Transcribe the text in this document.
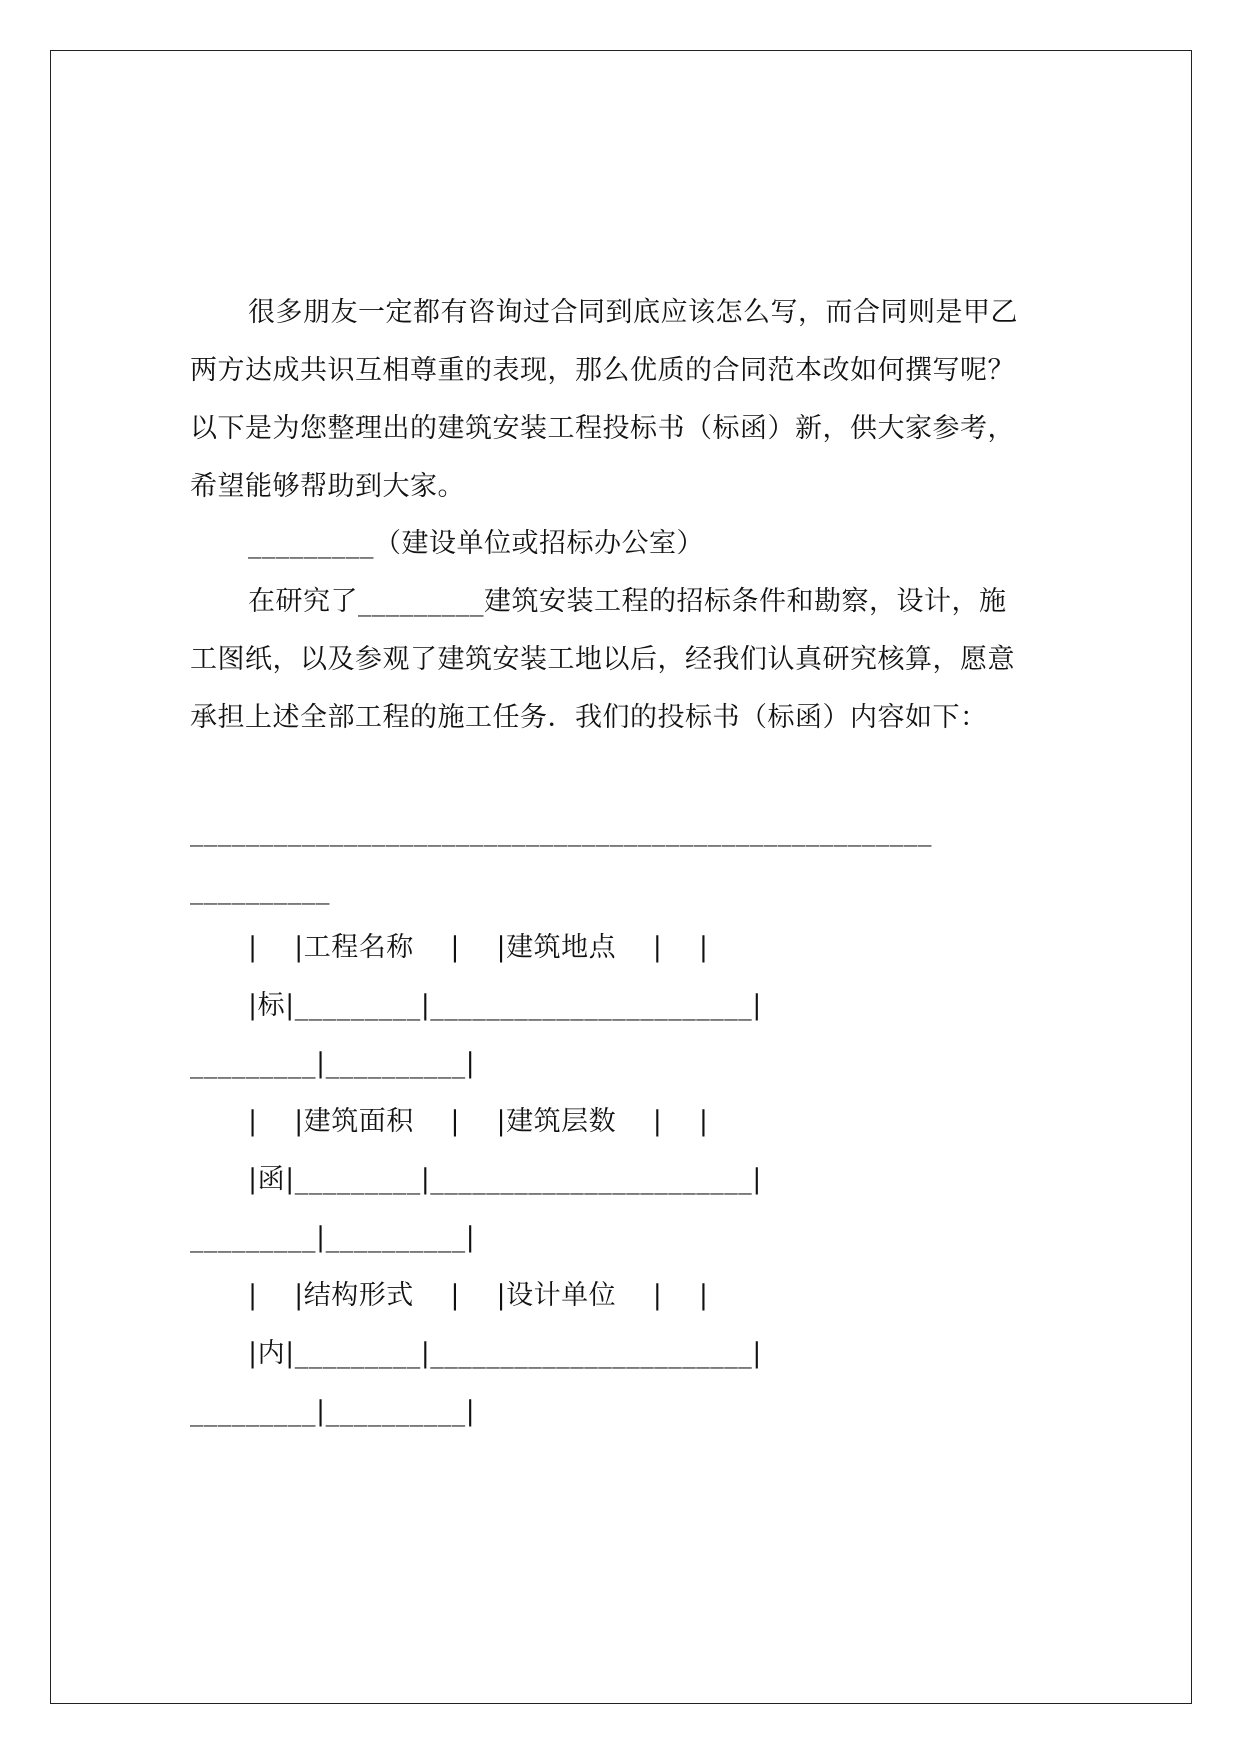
很多朋友一定都有咨询过合同到底应该怎么写，而合同则是甲乙
两方达成共识互相尊重的表现，那么优质的合同范本改如何撰写呢？
以下是为您整理出的建筑安装工程投标书（标函）新，供大家参考，
希望能够帮助到大家。
_________（建设单位或招标办公室）
在研究了_________建筑安装工程的招标条件和勘察，设计，施
工图纸，以及参观了建筑安装工地以后，经我们认真研究核算，愿意
承担上述全部工程的施工任务．我们的投标书（标函）内容如下：
_____________________________________________________
__________
|　 |工程名称　 |　 |建筑地点　 |　 |
|标|_________|_______________________|
_________|__________|
|　 |建筑面积　 |　 |建筑层数　 |　 |
|函|_________|_______________________|
_________|__________|
|　 |结构形式　 |　 |设计单位　 |　 |
|内|_________|_______________________|
_________|__________|
